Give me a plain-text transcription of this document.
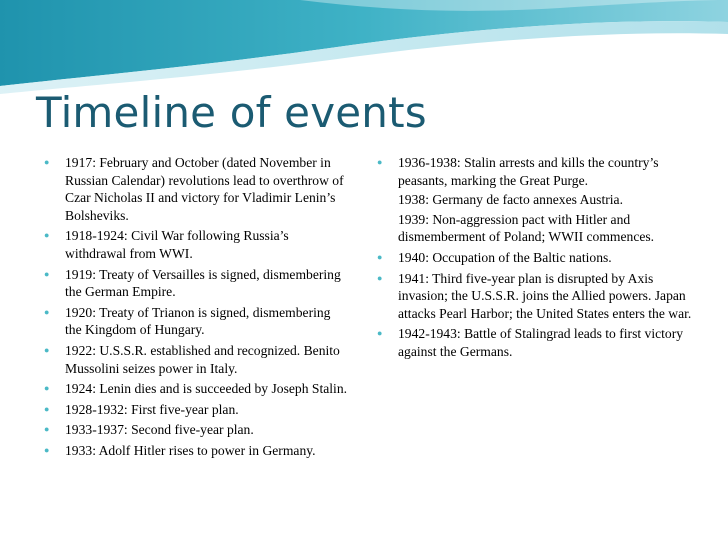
Timeline of events
● 1917: February and October (dated November in Russian Calendar) revolutions lead to overthrow of Czar Nicholas II and victory for Vladimir Lenin’s Bolsheviks.
● 1918-1924: Civil War following Russia’s withdrawal from WWI.
● 1919: Treaty of Versailles is signed, dismembering the German Empire.
● 1920: Treaty of Trianon is signed, dismembering the Kingdom of Hungary.
● 1922: U.S.S.R. established and recognized. Benito Mussolini seizes power in Italy.
● 1924: Lenin dies and is succeeded by Joseph Stalin.
● 1928-1932: First five-year plan.
● 1933-1937: Second five-year plan.
● 1933: Adolf Hitler rises to power in Germany.
● 1936-1938: Stalin arrests and kills the country’s peasants, marking the Great Purge.
1938: Germany de facto annexes Austria.
1939: Non-aggression pact with Hitler and dismemberment of Poland; WWII commences.
● 1940: Occupation of the Baltic nations.
● 1941: Third five-year plan is disrupted by Axis invasion; the U.S.S.R. joins the Allied powers. Japan attacks Pearl Harbor; the United States enters the war.
● 1942-1943: Battle of Stalingrad leads to first victory against the Germans.
